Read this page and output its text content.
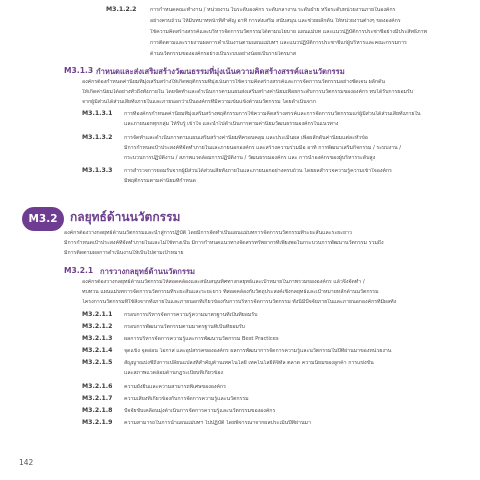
M3.1.2.2	การกำหนดคณะทำงาน / หน่วยงาน ในระดับองค์กร ระดับกลางาน ระดับฝ่าย หรือระดับหน่วยงานภายในองค์กร
อย่างครบถ้วน ให้มีบทบาทหน้าที่สำคัญ อาทิ การส่งเสริม สนับสนุน และช่วยผลักดัน ให้หน่วยงานต่างๆ ขององค์กร
ใช้ความคิดสร้างสรรค์และบริหารจัดการนวัตกรรมได้ตามนโยบาย แผนแม่บท และแนวปฏิบัติการประชาชีอย่างมีประสิทธิภาพ
การติดตามและรายงานผลการดำเนินงานตามแผนแม่บทฯ และแนวปฏิบัติการประชาชีแก่ผู้บริหารและคณะกรรมการ
ด้านนวัตกรรมขององค์กรอย่างเป็นระบบอย่างน้อยเป็นรายไตรมาส
M3.1.3 กำหนดและส่งเสริมสร้างวัฒนธรรมที่มุ่งเน้นความคิดสร้างสรรค์และนวัตกรรม
องค์กรต้องกำหนดค่านิยมที่มุ่งเสริมสร้างให้เกิดพฤติกรรมที่มุ่งเน้นการใช้ความคิดสร้างสรรค์และการจัดการนวัตกรรมอย่างชัดเจน ผลักดัน
ให้เกิดค่านิยมได้อย่างทั่วถึงทั้งภายใน โดยจัดทำและดำเนินการตามแผนส่งเสริมสร้างค่านิยมเพื่อยกระดับการนวัตกรรมขององค์กร ทบได้รับการยอมรับ
จากผู้มีส่วนได้ส่วนเสียทั้งภายในและภายนอกว่าเป็นองค์กรที่มีความเข้มแข็งด้านนวัตกรรม โดยดำเนินจาก
M3.1.3.1 การที่องค์กรกำหนดค่านิยมที่มุ่งเสริมสร้างพฤติกรรมการใช้ความคิดสร้างสรรค์และการจัดการนวัตกรรมแก่ผู้มีส่วนได้ส่วนเสียทั้งภายใน
และภายนอกทุกกลุ่ม ให้รับรู้ เข้าใจ และนำไปดำเนินการตามค่านิยมวัฒนธรรมองค์กรในแนวทาง
M3.1.3.2 การจัดทำและดำเนินการตามแผนเสริมสร้างค่านิยมที่ครอบคลุม และประเมินผล เพื่อผลักดันค่านิยมแต่ละหัวข้อ
มีการกำหนดเป้าประสงค์ที่จัดทำภายในและภายนอกองค์กร และสร้างความร่วมมือ อาทิ การพัฒนาเสริมกิจกรรม / ระบบงาน /
กระบวนการปฏิบัติงาน / สภาพแวดล้อมการปฏิบัติงาน / วัฒนธรรมองค์กร และ การนำองค์กรของผู้บริหารระดับสูง
M3.1.3.3 การสำรวจการยอมรับจากผู้มีส่วนได้ส่วนเสียทั้งภายในและภายนอกอย่างครบถ้วน โดยผลสำรวจความรู้ความเข้าใจองค์กร
มีพฤติกรรมตามค่านิยมที่กำหนด
M3.2 กลยุทธ์ด้านนวัตกรรม
องค์กรต้องวางกลยุทธ์ด้านนวัตกรรมและนำสู่การปฏิบัติ โดยมีการจัดทำเป็นแผนแม่บทการจัดการนวัตกรรมที่ระยะสั้นและระยะยาว
มีการกำหนดเป้าประสงค์ที่จัดทำภายในและไม่ใช้ทางเป็น มีการกำหนดแนวทางจัดสรรทรัพยากรที่เพียงพอในกระบวนการพัฒนานวัตกรรม รวมถึง
มีการติดตามผลการดำเนินงานให้เป็นไปตามเป้าหมาย
M3.2.1 การวางกลยุทธ์ด้านนวัตกรรม
องค์กรต้องวางกลยุทธ์ด้านนวัตกรรมให้สอดคล้องและสนับสนุนทิศทางกลยุทธ์และเป้าหมายในภาพรวมขององค์กร แล้วจึงจัดทำ /
ทบทวน แผนแม่บทการจัดการนวัตกรรมที่ระยะสั้นและระยะยาว ที่สอดคล้องกับวัตถุประสงค์เชิงกลยุทธ์และเป้าหมายหลักด้านนวัตกรรม
โครงการนวัตกรรมที่ใช้สิงจากทั้งภายในและภายนอกที่เกี่ยวข้องกับการบริหารจัดการนวัตกรรม ทั้งนี้มีปัจจัยภายในและภายนอกองค์กรที่มีผลทั้ง
M3.2.1.1 กรอบการบริหารจัดการความรู้ความมาตรฐานที่เป็นที่ยอมรับ
M3.2.1.2 กรอบการพัฒนานวัตกรรมตามมาตรฐานที่เป็นที่ยอมรับ
M3.2.1.3 ผลการบริหารจัดการความรู้และการพัฒนานวัตกรรม Best Practices
M3.2.1.4 จุดแข็ง จุดอ่อน โอกาส และอุปสรรคขององค์กร ผลการพัฒนาการจัดการความรู้และนวัตกรรมในปีที่ผ่านมาของหน่วยงาน
M3.2.1.5 สัญญาณบ่งชี้ถึงการเปลี่ยนแปลงที่สำคัญด้านเทคโนโลยี เทคโนโลยีดิจิทัล ตลาด ความนิยมของลูกค้า การแข่งขัน
และสภาพแวดล้อมด้านกฎระเบียบที่เกี่ยวข้อง
M3.2.1.6 ความยั่งยืนและความสามารถพิเศษขององค์กร
M3.2.1.7 ความเสี่ยงที่เกี่ยวข้องกับการจัดการความรู้และนวัตกรรม
M3.2.1.8 ปัจจัยขับเคลื่อนมุ่งด้าเนินการจัดการความรู้และนวัตกรรมขององค์กร
M3.2.1.9 ความสามารถในการนำแผนแม่บทฯ ไปปฏิบัติ โดยพิจารณาจากผลประเมินปีที่ผ่านมา
142
